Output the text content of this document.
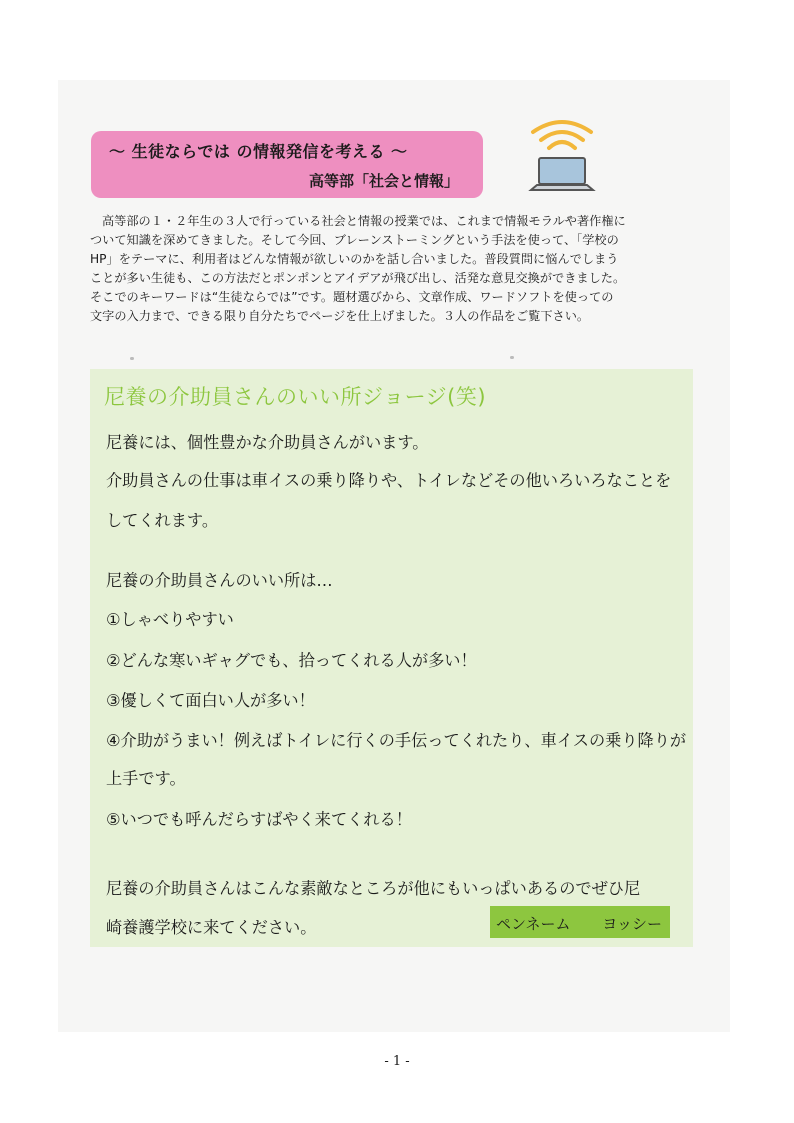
～ 生徒ならでは の情報発信を考える ～
高等部「社会と情報」

高等部の１・２年生の３人で行っている社会と情報の授業では、これまで情報モラルや著作権に

ついて知識を深めてきました。そして今回、ブレーンストーミングという手法を使って、「学校の

HP」をテーマに、利用者はどんな情報が欲しいのかを話し合いました。普段質問に悩んでしまう

ことが多い生徒も、この方法だとポンポンとアイデアが飛び出し、活発な意見交換ができました。

そこでのキーワードは“生徒ならでは”です。題材選びから、文章作成、ワードソフトを使っての

文字の入力まで、できる限り自分たちでページを仕上げました。３人の作品をご覧下さい。

尼養の介助員さんのいい所ジョージ(笑)
尼養には、個性豊かな介助員さんがいます。
介助員さんの仕事は車イスの乗り降りや、トイレなどその他いろいろなことを
してくれます。
尼養の介助員さんのいい所は…
①しゃべりやすい
②どんな寒いギャグでも、拾ってくれる人が多い！
③優しくて面白い人が多い！
④介助がうまい！例えばトイレに行くの手伝ってくれたり、車イスの乗り降りが
上手です。
⑤いつでも呼んだらすばやく来てくれる！
尼養の介助員さんはこんな素敵なところが他にもいっぱいあるのでぜひ尼
崎養護学校に来てください。	ペンネーム ヨッシー
- 1 -
